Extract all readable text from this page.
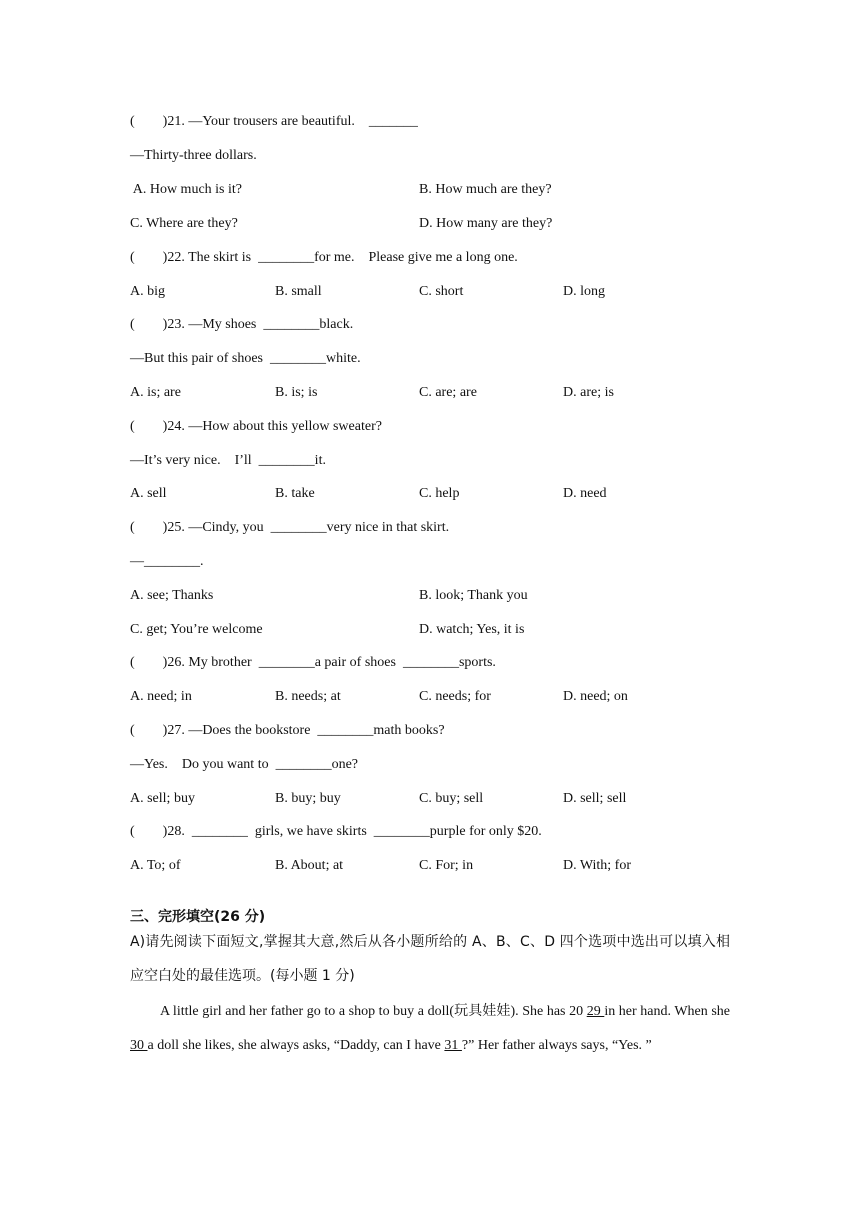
(        )21. —Your trousers are beautiful.    _______
—Thirty-three dollars.
A. How much is it?	B. How much are they?
C. Where are they?	D. How many are they?
(        )22. The skirt is  ________for me.    Please give me a long one.
A. big	B. small	C. short	D. long
(        )23. —My shoes  ________black.
—But this pair of shoes  ________white.
A. is; are	B. is; is	C. are; are	D. are; is
(        )24. —How about this yellow sweater?
—It’s very nice.    I’ll  ________it.
A. sell	B. take	C. help	D. need
(        )25. —Cindy, you  ________very nice in that skirt.
—________.
A. see; Thanks	B. look; Thank you
C. get; You’re welcome	D. watch; Yes, it is
(        )26. My brother  ________a pair of shoes  ________sports.
A. need; in	B. needs; at	C. needs; for	D. need; on
(        )27. —Does the bookstore  ________math books?
—Yes.    Do you want to  ________one?
A. sell; buy	B. buy; buy	C. buy; sell	D. sell; sell
(        )28.  ________  girls, we have skirts  ________purple for only $20.
A. To; of	B. About; at	C. For; in	D. With; for
三、完形填空(26 分)
A)请先阅读下面短文,掌握其大意,然后从各小题所给的 A、B、C、D 四个选项中选出可以填入相应空白处的最佳选项。(每小题 1 分)
A little girl and her father go to a shop to buy a doll(玩具娃娃). She has 20 29 in her hand. When she 30 a doll she likes, she always asks, “Daddy, can I have 31 ?” Her father always says, “Yes. ”
